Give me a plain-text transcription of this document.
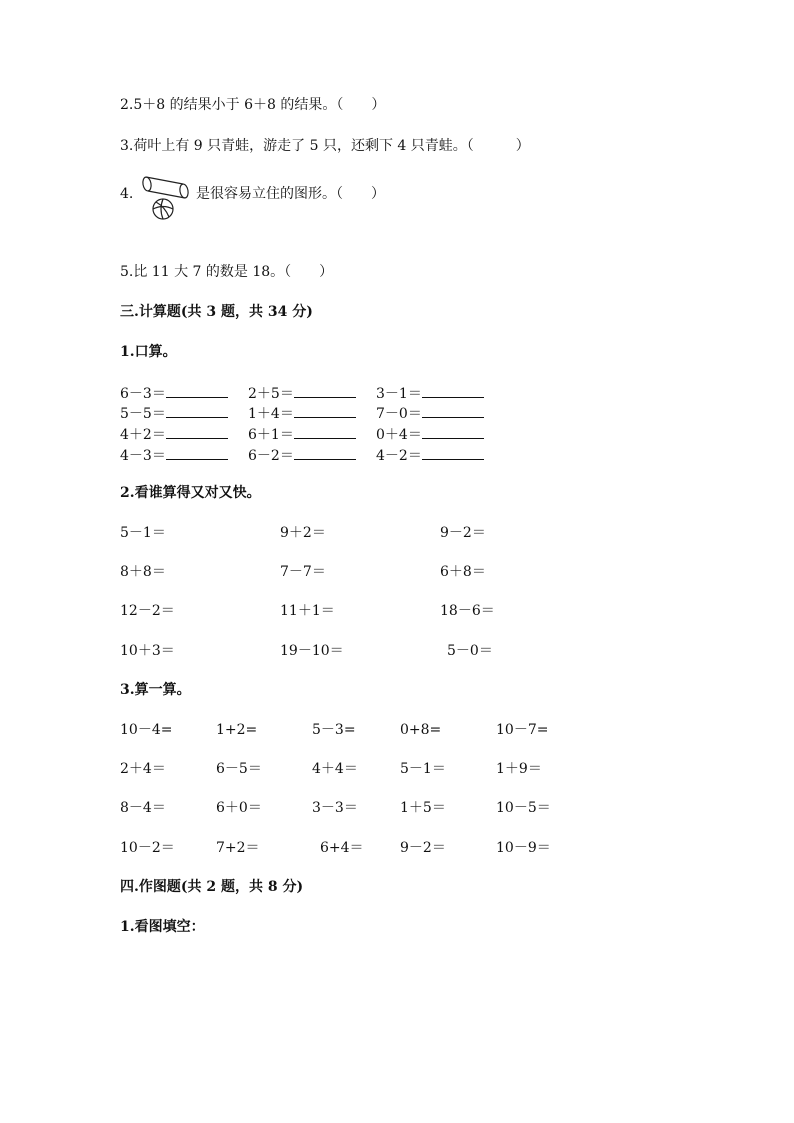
2.5＋8 的结果小于 6＋8 的结果。（　　）
3.荷叶上有 9 只青蛙，游走了 5 只，还剩下 4 只青蛙。（　　　）
4.	是很容易立住的图形。（　　）
5.比 11 大 7 的数是 18。（　　）
三.计算题(共 3 题，共 34 分)
1.口算。
6－3＝	2＋5＝	3－1＝
5－5＝	1＋4＝	7－0＝
4＋2＝	6＋1＝	0＋4＝
4－3＝	6－2＝	4－2＝
2.看谁算得又对又快。
5－1＝	9＋2＝	9－2＝
8＋8＝	7－7＝	6＋8＝
12－2＝	11＋1＝	18－6＝
10＋3＝	19－10＝	5－0＝
3.算一算。
10－4=	1+2=	5－3=	0+8=	10－7=
2＋4＝	6－5＝	4＋4＝	5－1＝	1＋9＝
8－4＝	6＋0＝	3－3＝	1＋5＝	10－5＝
10－2＝	7+2＝	6+4＝	9－2＝	10－9＝
四.作图题(共 2 题，共 8 分)
1.看图填空：
